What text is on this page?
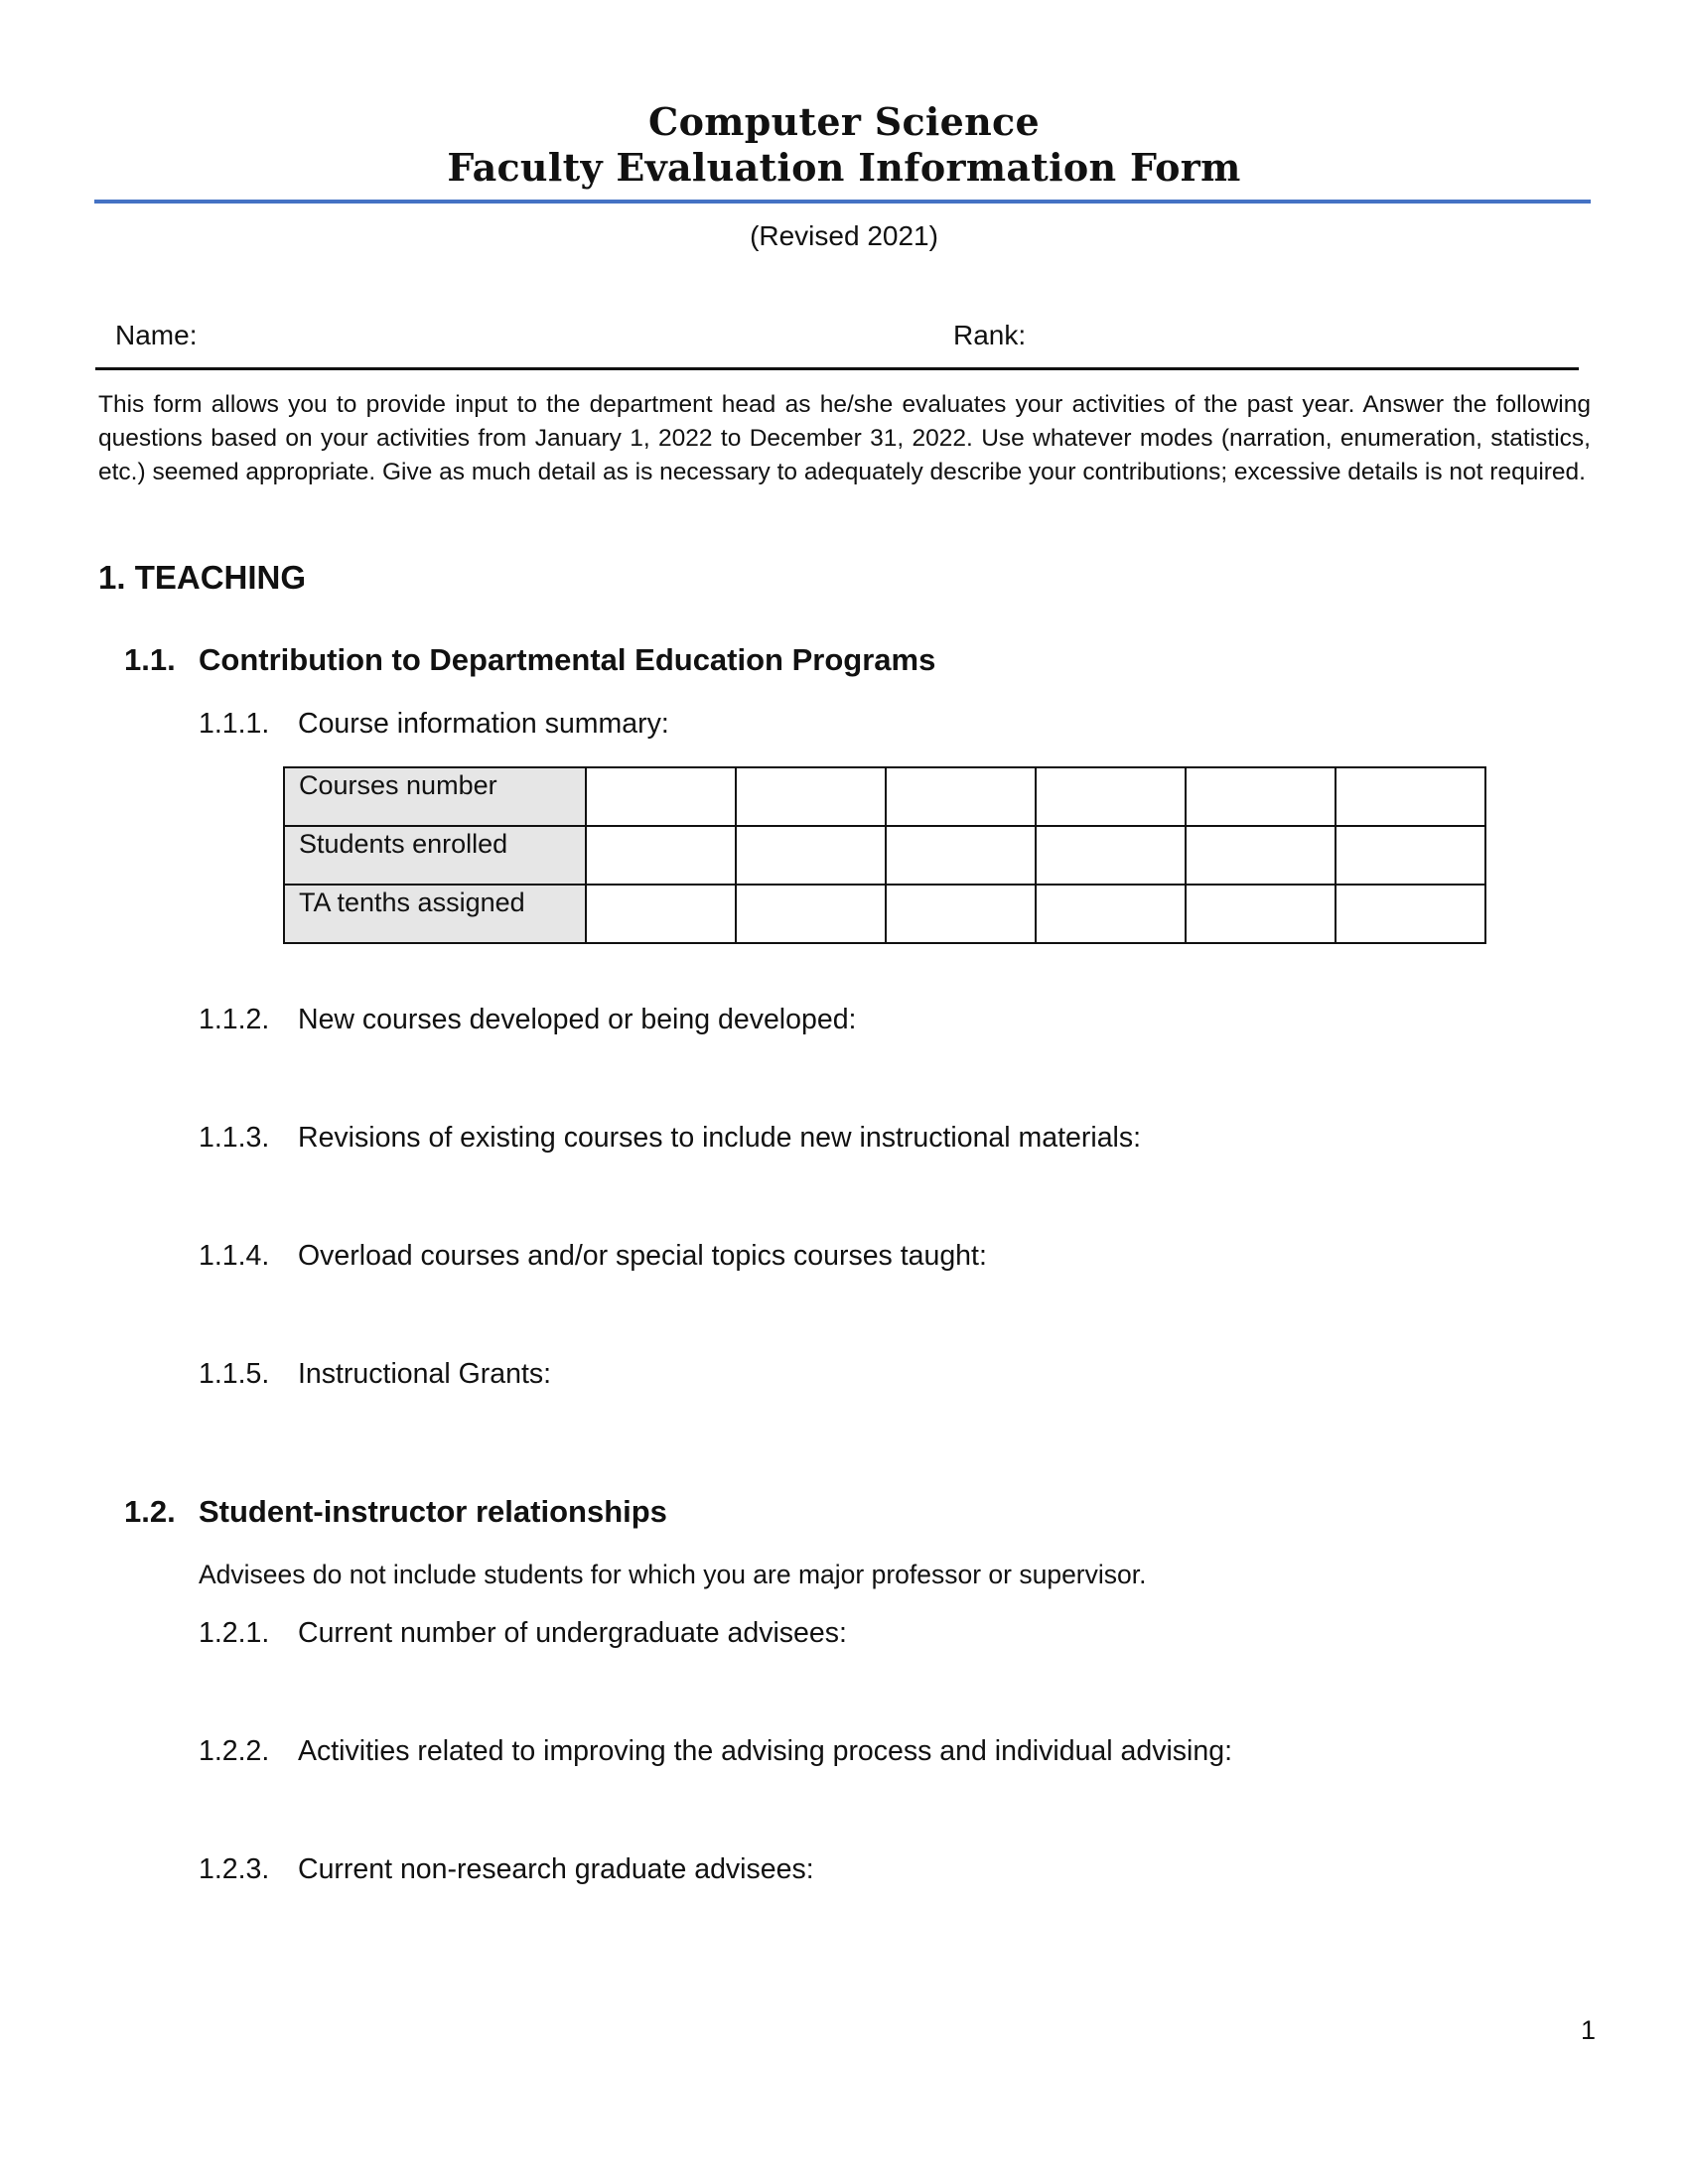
Computer Science
Faculty Evaluation Information Form
(Revised 2021)
Name:	Rank:
This form allows you to provide input to the department head as he/she evaluates your activities of the past year. Answer the following questions based on your activities from January 1, 2022 to December 31, 2022. Use whatever modes (narration, enumeration, statistics, etc.) seemed appropriate. Give as much detail as is necessary to adequately describe your contributions; excessive details is not required.
1. TEACHING
1.1. Contribution to Departmental Education Programs
1.1.1. Course information summary:
Courses number						
Students enrolled						
TA tenths assigned						
1.1.2. New courses developed or being developed:
1.1.3. Revisions of existing courses to include new instructional materials:
1.1.4. Overload courses and/or special topics courses taught:
1.1.5. Instructional Grants:
1.2. Student-instructor relationships
Advisees do not include students for which you are major professor or supervisor.
1.2.1. Current number of undergraduate advisees:
1.2.2. Activities related to improving the advising process and individual advising:
1.2.3. Current non-research graduate advisees:
1
